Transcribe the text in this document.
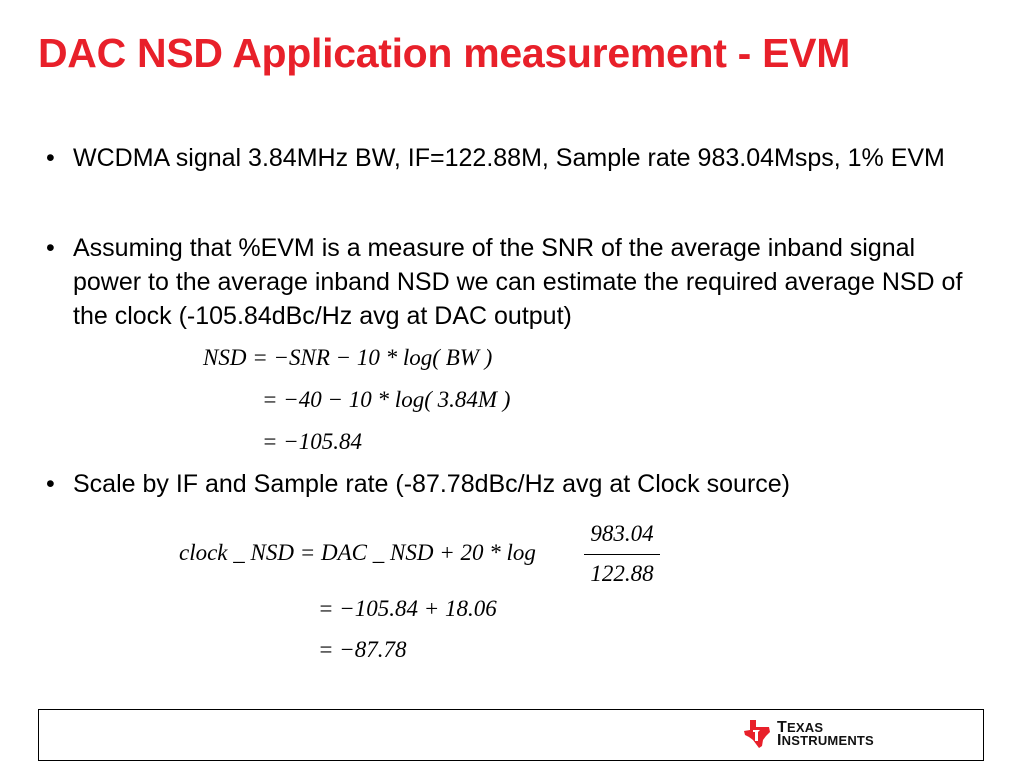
DAC NSD Application measurement - EVM
• WCDMA signal 3.84MHz BW, IF=122.88M, Sample rate 983.04Msps, 1% EVM
• Assuming that %EVM is a measure of the SNR of the average inband signal power to the average inband NSD we can estimate the required average NSD of the clock (-105.84dBc/Hz avg at DAC output)
NSD = −SNR − 10 * log( BW )
= −40 − 10 * log( 3.84M )
= −105.84
• Scale by IF and Sample rate (-87.78dBc/Hz avg at Clock source)
clock _ NSD = DAC _ NSD + 20 * log
983.04
122.88
= −105.84 + 18.06
= −87.78
TEXAS
INSTRUMENTS
